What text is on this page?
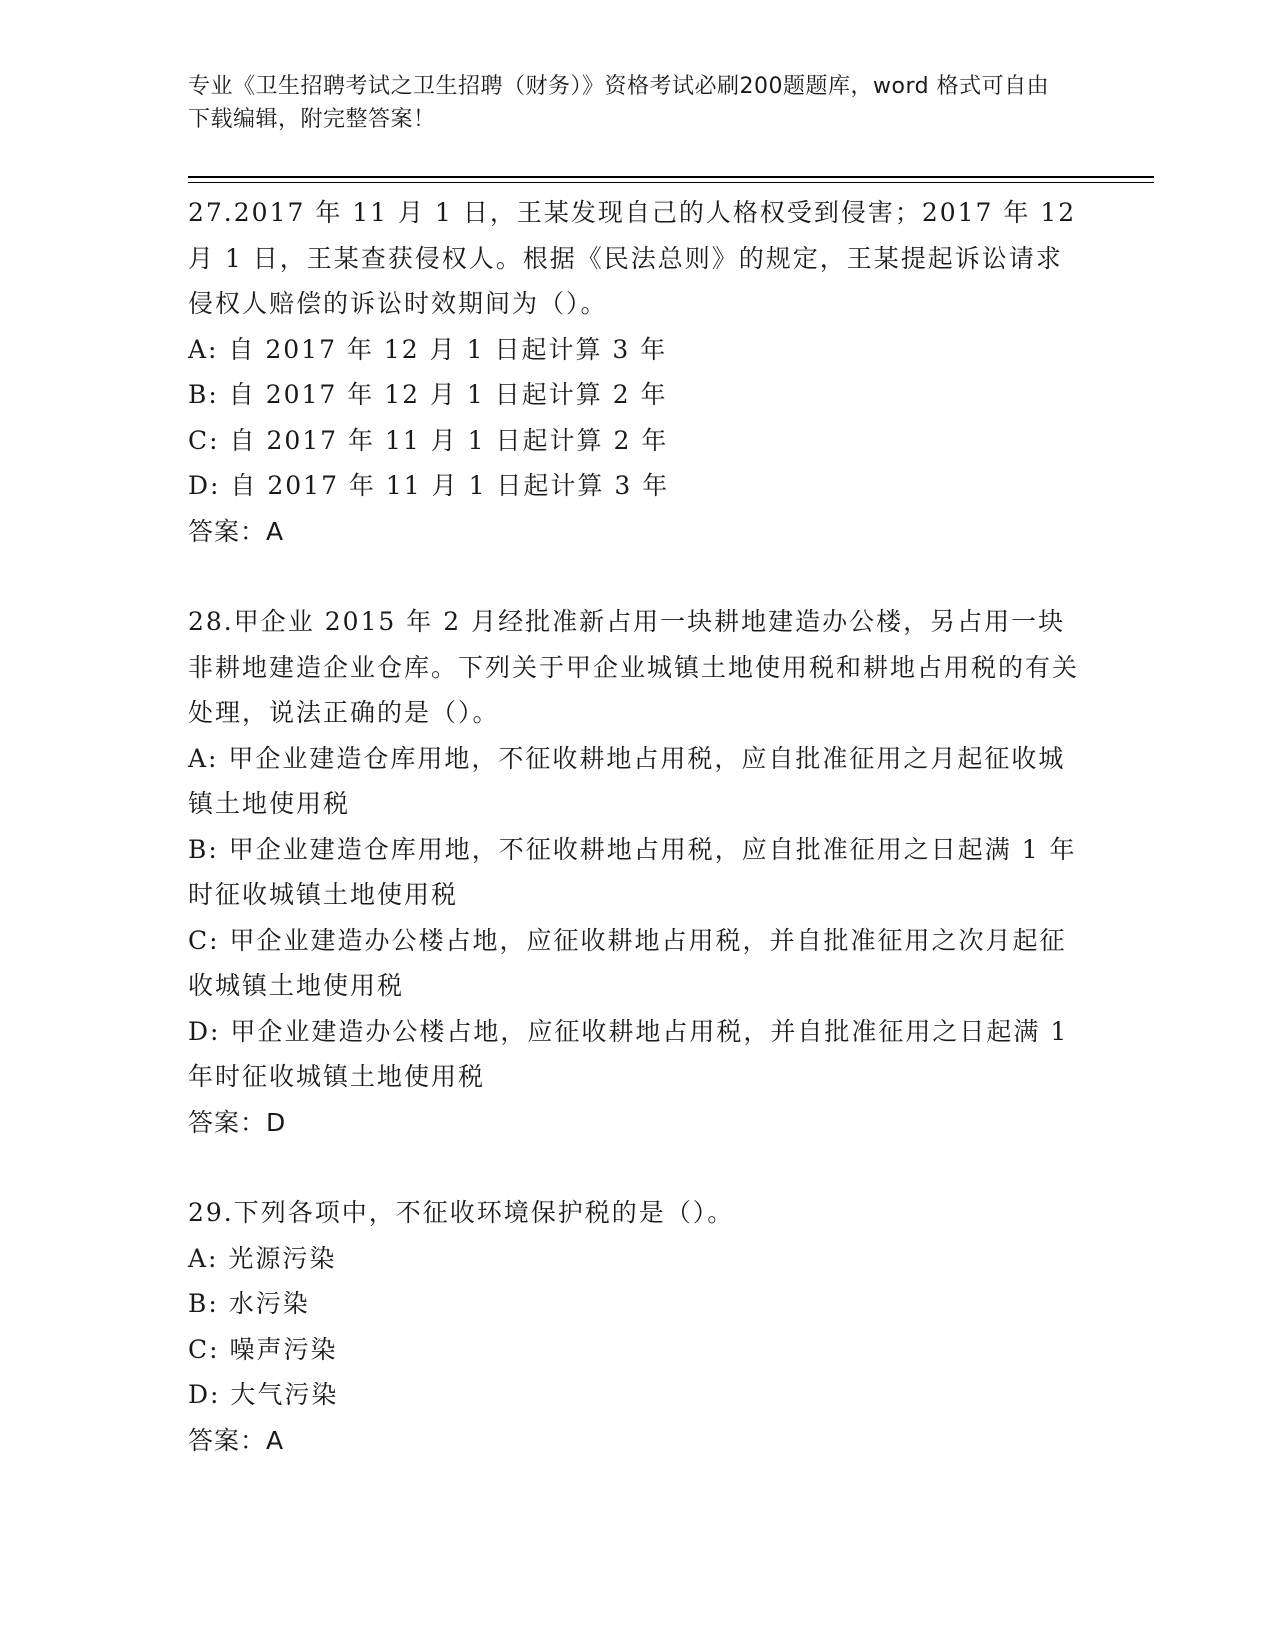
专业《卫生招聘考试之卫生招聘（财务）》资格考试必刷200题题库，word 格式可自由下载编辑，附完整答案！

27.2017 年 11 月 1 日，王某发现自己的人格权受到侵害；2017 年 12 月 1 日，王某查获侵权人。根据《民法总则》的规定，王某提起诉讼请求侵权人赔偿的诉讼时效期间为（）。

A: 自 2017 年 12 月 1 日起计算 3 年

B: 自 2017 年 12 月 1 日起计算 2 年

C: 自 2017 年 11 月 1 日起计算 2 年

D: 自 2017 年 11 月 1 日起计算 3 年

答案：A

28.甲企业 2015 年 2 月经批准新占用一块耕地建造办公楼，另占用一块非耕地建造企业仓库。下列关于甲企业城镇土地使用税和耕地占用税的有关处理，说法正确的是（）。

A: 甲企业建造仓库用地，不征收耕地占用税，应自批准征用之月起征收城镇土地使用税

B: 甲企业建造仓库用地，不征收耕地占用税，应自批准征用之日起满 1 年时征收城镇土地使用税

C: 甲企业建造办公楼占地，应征收耕地占用税，并自批准征用之次月起征收城镇土地使用税

D: 甲企业建造办公楼占地，应征收耕地占用税，并自批准征用之日起满 1 年时征收城镇土地使用税

答案：D

29.下列各项中，不征收环境保护税的是（）。

A: 光源污染

B: 水污染

C: 噪声污染

D: 大气污染

答案：A
